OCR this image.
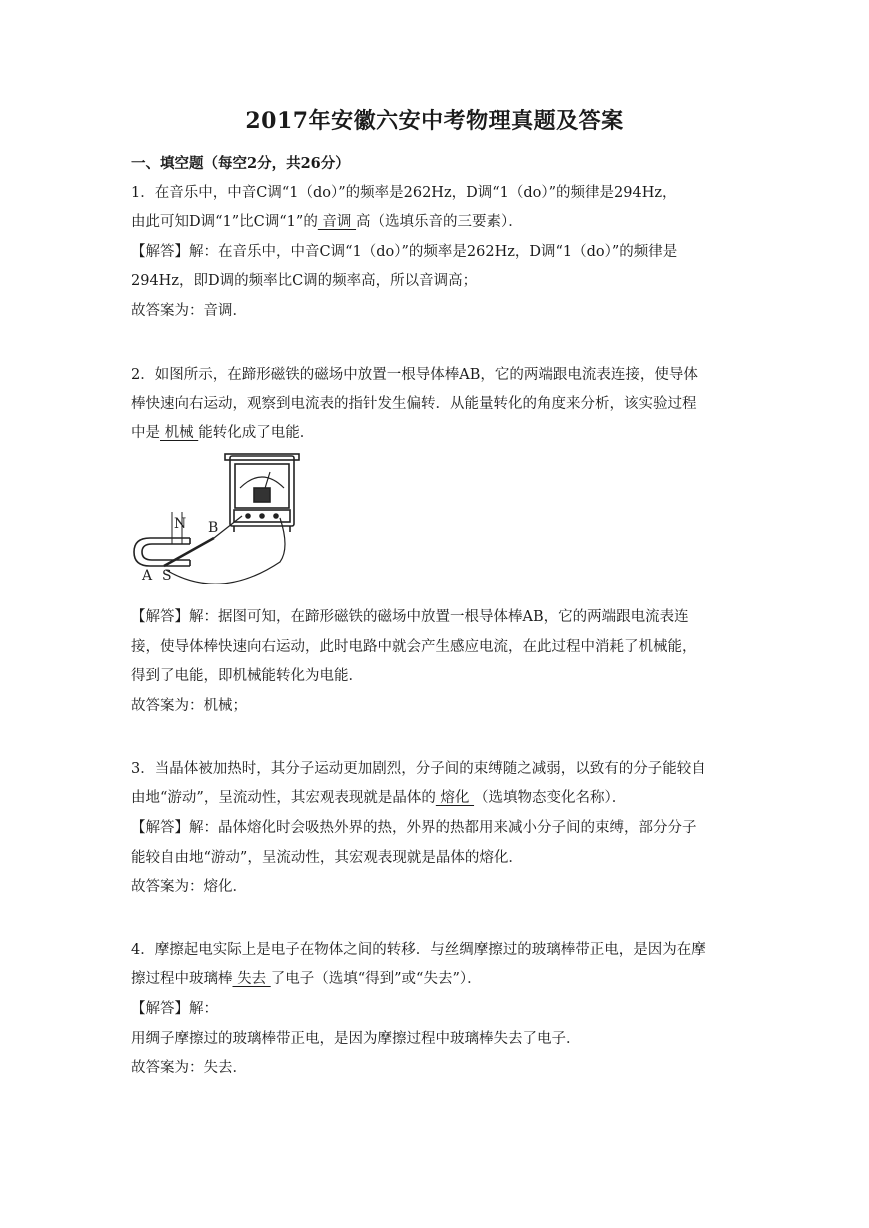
2017年安徽六安中考物理真题及答案
一、填空题（每空2分，共26分）
1．在音乐中，中音C调“1（do）”的频率是262Hz，D调“1（do）”的频律是294Hz，
由此可知D调“1”比C调“1”的 音调 高（选填乐音的三要素）．
【解答】解：在音乐中，中音C调“1（do）”的频率是262Hz，D调“1（do）”的频律是
294Hz，即D调的频率比C调的频率高，所以音调高；
故答案为：音调．
2．如图所示，在蹄形磁铁的磁场中放置一根导体棒AB，它的两端跟电流表连接，使导体
棒快速向右运动，观察到电流表的指针发生偏转．从能量转化的角度来分析，该实验过程
中是 机械 能转化成了电能．
N B
A S
【解答】解：据图可知，在蹄形磁铁的磁场中放置一根导体棒AB，它的两端跟电流表连
接，使导体棒快速向右运动，此时电路中就会产生感应电流，在此过程中消耗了机械能，
得到了电能，即机械能转化为电能．
故答案为：机械；
3．当晶体被加热时，其分子运动更加剧烈，分子间的束缚随之减弱，以致有的分子能较自
由地“游动”，呈流动性，其宏观表现就是晶体的 熔化 （选填物态变化名称）．
【解答】解：晶体熔化时会吸热外界的热，外界的热都用来减小分子间的束缚，部分分子
能较自由地“游动”，呈流动性，其宏观表现就是晶体的熔化．
故答案为：熔化．
4．摩擦起电实际上是电子在物体之间的转移．与丝绸摩擦过的玻璃棒带正电，是因为在摩
擦过程中玻璃棒 失去 了电子（选填“得到”或“失去”）．
【解答】解：
用绸子摩擦过的玻璃棒带正电，是因为摩擦过程中玻璃棒失去了电子．
故答案为：失去．
